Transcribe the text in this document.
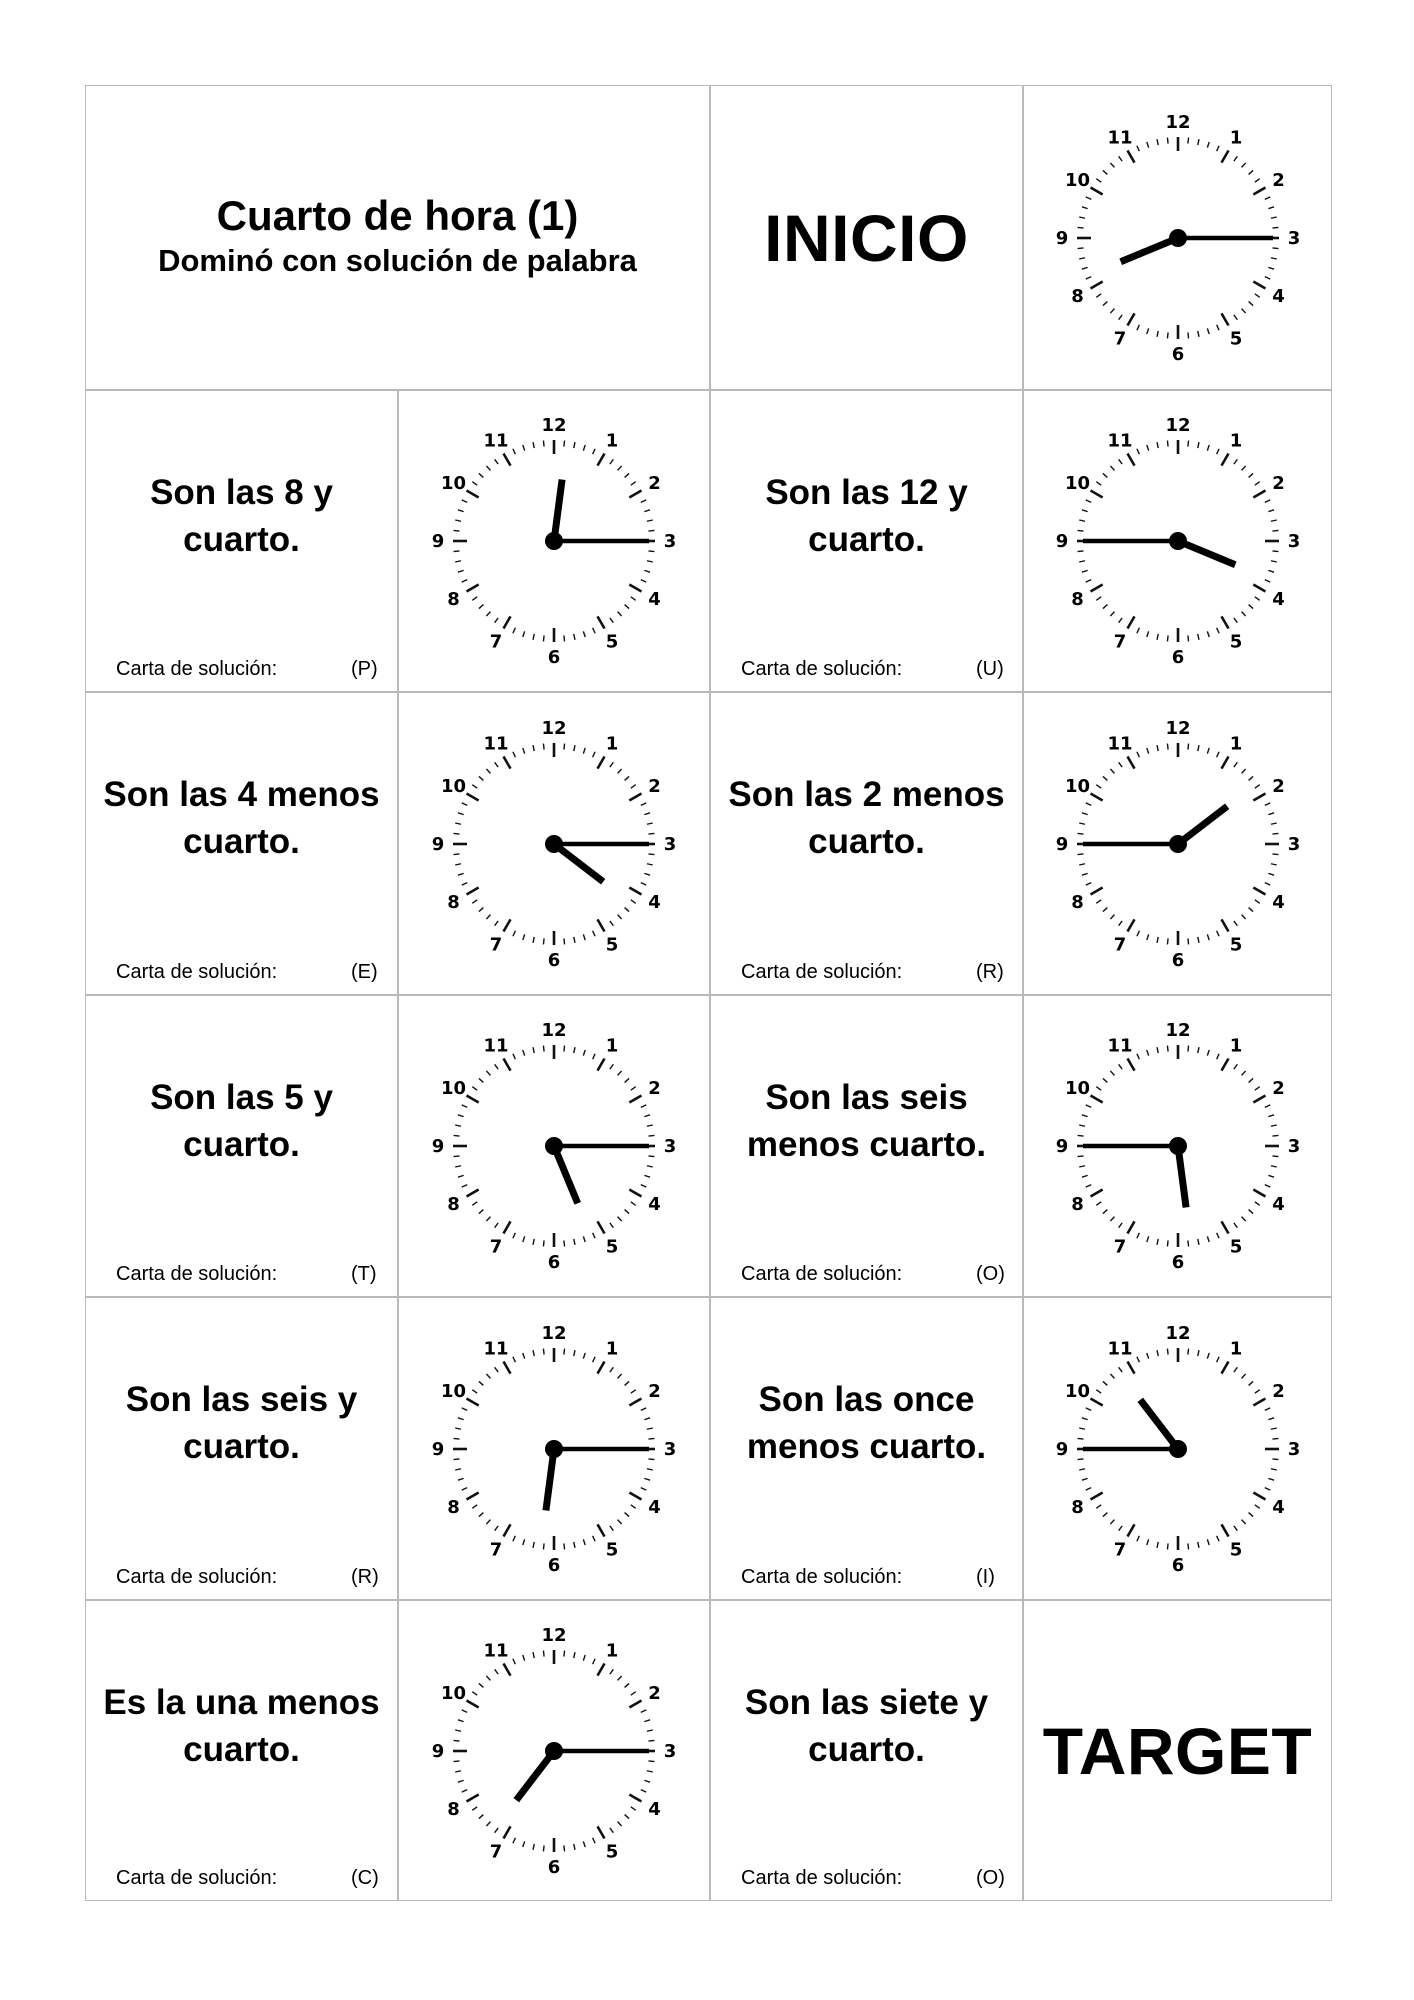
Cuarto de hora (1)
Dominó con solución de palabra INICIO
12
1
2
3
4
5
6
7
8
9
10
11
Son las 8 y cuarto.
Carta de solución:	(P)
12
1
2
3
4
5
6
7
8
9
10
11
Son las 12 y cuarto.
Carta de solución:	(U)
12
1
2
3
4
5
6
7
8
9
10
11
Son las 4 menos cuarto.
Carta de solución:	(E)
12
1
2
3
4
5
6
7
8
9
10
11
Son las 2 menos cuarto.
Carta de solución:	(R)
12
1
2
3
4
5
6
7
8
9
10
11
Son las 5 y cuarto.
Carta de solución:	(T)
12
1
2
3
4
5
6
7
8
9
10
11
Son las seis menos cuarto.
Carta de solución:	(O)
12
1
2
3
4
5
6
7
8
9
10
11
Son las seis y cuarto.
Carta de solución:	(R)
12
1
2
3
4
5
6
7
8
9
10
11
Son las once menos cuarto.
Carta de solución:	(I)
12
1
2
3
4
5
6
7
8
9
10
11
Es la una menos cuarto.
Carta de solución:	(C)
12
1
2
3
4
5
6
7
8
9
10
11
Son las siete y cuarto.
Carta de solución:	(O)
TARGET
